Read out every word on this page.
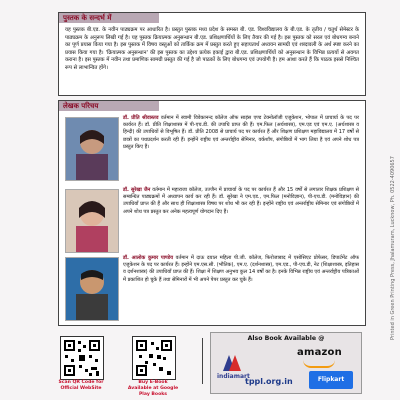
पुस्तक के सन्दर्भ में
यह पुस्तक बी.एड. के नवीन पाठ्यक्रम पर आधारित है। प्रस्तुत पुस्तक मध्य प्रदेश के समस्त बी. एड. विश्वविद्यालय के बी.एड. के तृतीय / चतुर्थ सेमेस्टर के पाठ्यक्रम के अनुरूप लिखी गई है। यह पुस्तक क्रियात्मक अनुसन्धान बी.एड. प्रशिक्षणार्थियों के लिए तैयार की गई है। इस पुस्तक को सरल एवं बोधगम्य बनाने का पूर्ण प्रयास किया गया है। इस पुस्तक में विषय वस्तुओं को तार्किक क्रम में प्रस्तुत करते हुए सहायतार्थ अध्ययन सामग्री एवं शब्दावली के अर्थ स्पष्ट करने का प्रयास किया गया है। 'क्रियात्मक अनुसन्धान' की इस पुस्तक का उद्देश्य प्रत्येक इकाई द्वारा बी.एड. प्रशिक्षणार्थियों को अनुसन्धान के विभिन्न प्रत्ययों से अवगत कराना है। इस पुस्तक में नवीन तथा प्रमाणिक सामग्री प्रस्तुत की गई है जो पाठकों के लिए बोधगम्य एवं उपयोगी है। हम आशा करते हैं कि पाठक इससे निश्चित रूप से लाभान्वित होंगे।
लेखक परिचय
डॉ. प्रीति श्रीवास्तव वर्तमान में स्वामी विवेकानन्द कॉलेज ऑफ साइंस एण्ड टेक्नोलॉजी एजुकेशन, भोपाल में प्राचार्या के पद पर कार्यरत हैं। डॉ. प्रीति शिक्षाशास्त्र में पी-एच.डी. की उपाधि प्राप्त की हैं। एम.फिल (अर्थशास्त्र), एम.एड एवं एम.ए. (अर्थशास्त्र व हिन्दी) की उपाधियों से विभूषित हैं। डॉ. प्रीति 2008 से प्राचार्य पद पर कार्यरत हैं और शिक्षण प्रशिक्षण महाविद्यालय में 17 वर्षों से छात्रों का पथप्रदर्शन करती रही हैं। इन्होंने राष्ट्रीय एवं अन्तर्राष्ट्रीय सेमिनार, वर्कशॉप, संगोष्ठियों में भाग लिया है एवं अपने शोध पत्र प्रस्तुत किए हैं।
डॉ. सुरेखा जैन वर्तमान में महाराजा कॉलेज, उज्जैन में प्राचार्या के पद पर कार्यरत हैं और 15 वर्षों से लगातार शिक्षक प्रशिक्षण से सम्बन्धित पाठ्यक्रमों में अध्यापन कार्य कर रही हैं। डॉ. सुरेखा ने एम.एड., एम.फिल (मनोविज्ञान), पी-एच.डी. (मनोविज्ञान) की उपाधियाँ प्राप्त की हैं और साथ ही शिक्षाशास्त्र विषय पर शोध भी कर रही हैं। इन्होंने राष्ट्रीय एवं अन्तर्राष्ट्रीय सेमिनार एवं संगोष्ठियों में अपने शोध पत्र प्रस्तुत कर अनेक महत्वपूर्ण योगदान दिए हैं।
डॉ. आलोक कुमार पाण्डेय वर्तमान में दाऊ दयाल महिला पी.जी. कॉलेज, फिरोजाबाद में एसोसिएट प्रोफेसर, डिपार्टमेंट ऑफ एजुकेशन के पद पर कार्यरत हैं। इन्होंने एम.एस.सी. (भौतिक), एम.ए. (दर्शनशास्त्र), एम.एड., पी-एच.डी, नेट (शिक्षाशास्त्र, इतिहास व दर्शनशास्त्र) की उपाधियाँ प्राप्त की हैं। शिक्षा में शिक्षण अनुभव कुल 14 वर्षों का है। इनके विभिन्न राष्ट्रीय एवं अन्तर्राष्ट्रीय पत्रिकाओं में प्रकाशित हो चुके हैं तथा सेमिनारों में भी अपने पेपर प्रस्तुत कर चुके हैं।	Printed in Green Printing Press, Jhalamuram, Lucknow, Ph. 0522-4090657
Scan QR Code for Official WebSite
Buy E-Book Available at Google Play Books
Also Book Available @
indiamart
amazon
tppl.org.in	Flipkart
